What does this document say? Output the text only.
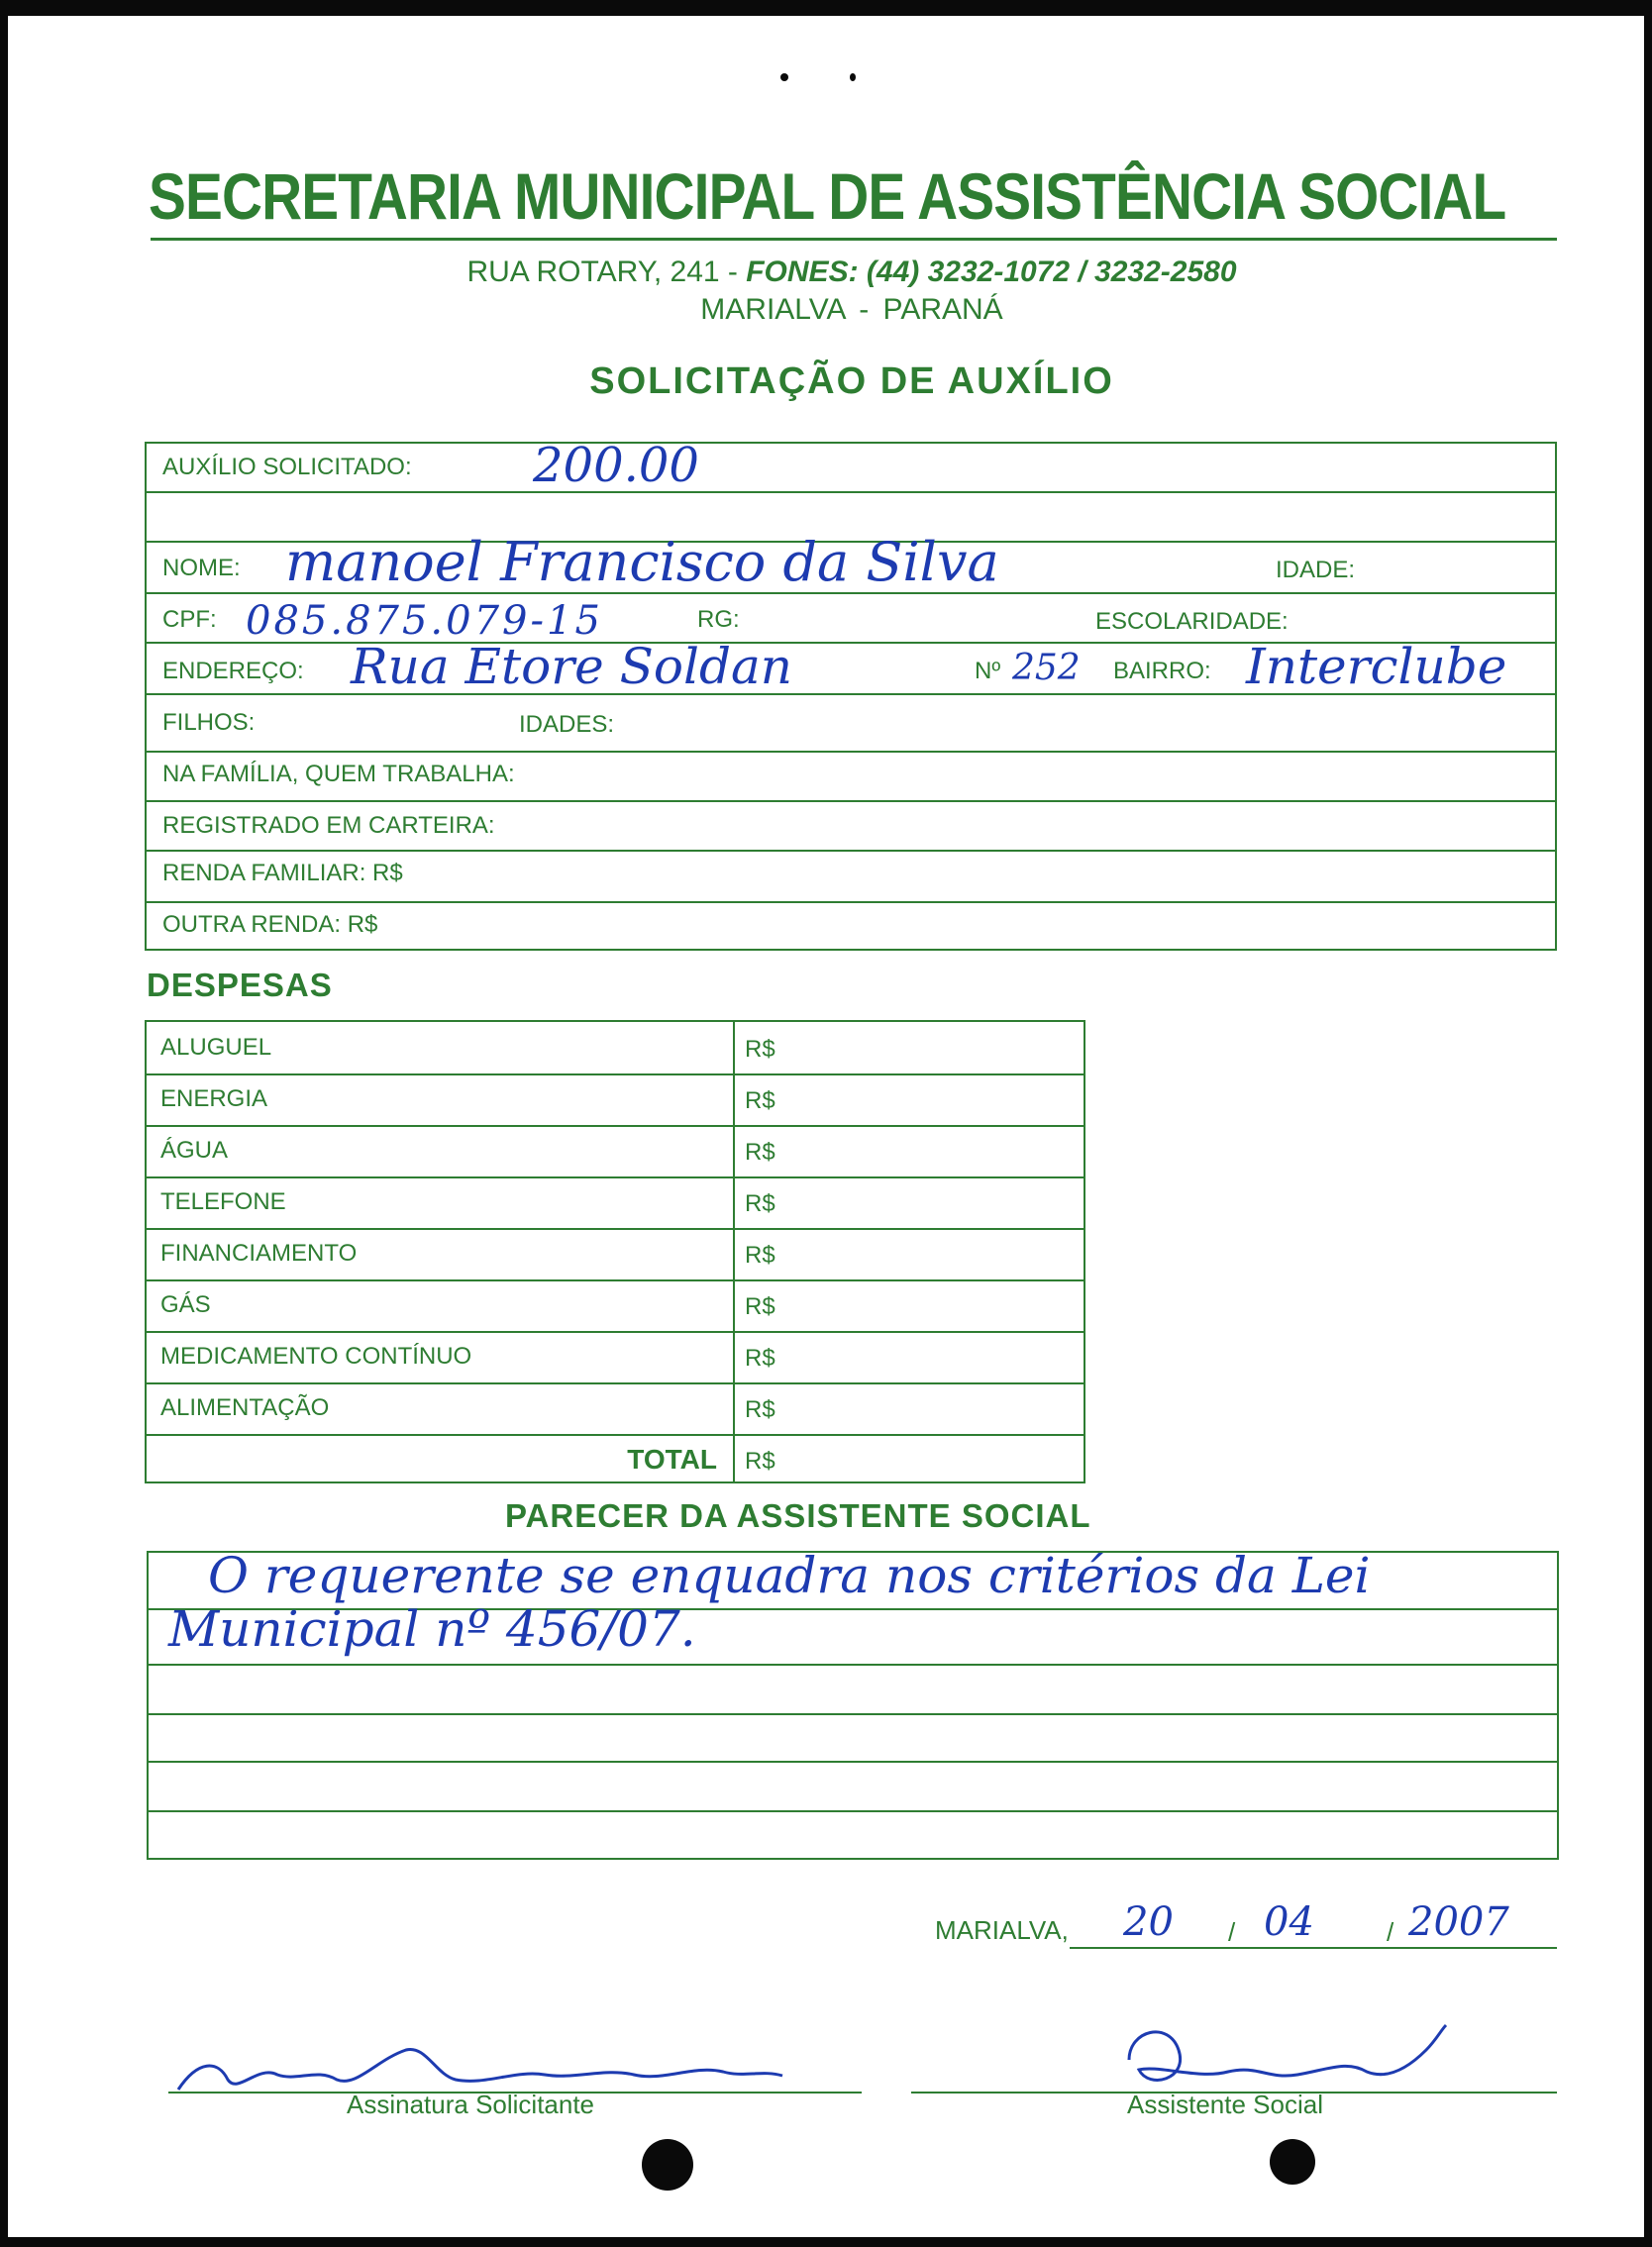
SECRETARIA MUNICIPAL DE ASSISTÊNCIA SOCIAL
RUA ROTARY, 241 - FONES: (44) 3232-1072 / 3232-2580
MARIALVA - PARANÁ
SOLICITAÇÃO DE AUXÍLIO
AUXÍLIO SOLICITADO:	200.00
NOME: manoel Francisco da Silva	IDADE:
CPF: 085.875.079-15	RG:	ESCOLARIDADE:
ENDEREÇO: Rua Etore Soldan	Nº 252 BAIRRO: Interclube
FILHOS:	IDADES:
NA FAMÍLIA, QUEM TRABALHA:
REGISTRADO EM CARTEIRA:
RENDA FAMILIAR: R$
OUTRA RENDA: R$
DESPESAS
ALUGUEL	R$
ENERGIA	R$
ÁGUA	R$
TELEFONE	R$
FINANCIAMENTO	R$
GÁS	R$
MEDICAMENTO CONTÍNUO	R$
ALIMENTAÇÃO	R$
TOTAL R$
PARECER DA ASSISTENTE SOCIAL
O requerente se enquadra nos critérios da Lei
Municipal nº 456/07.
MARIALVA, 20 / 04	/ 2007
Assinatura Solicitante	Assistente Social
